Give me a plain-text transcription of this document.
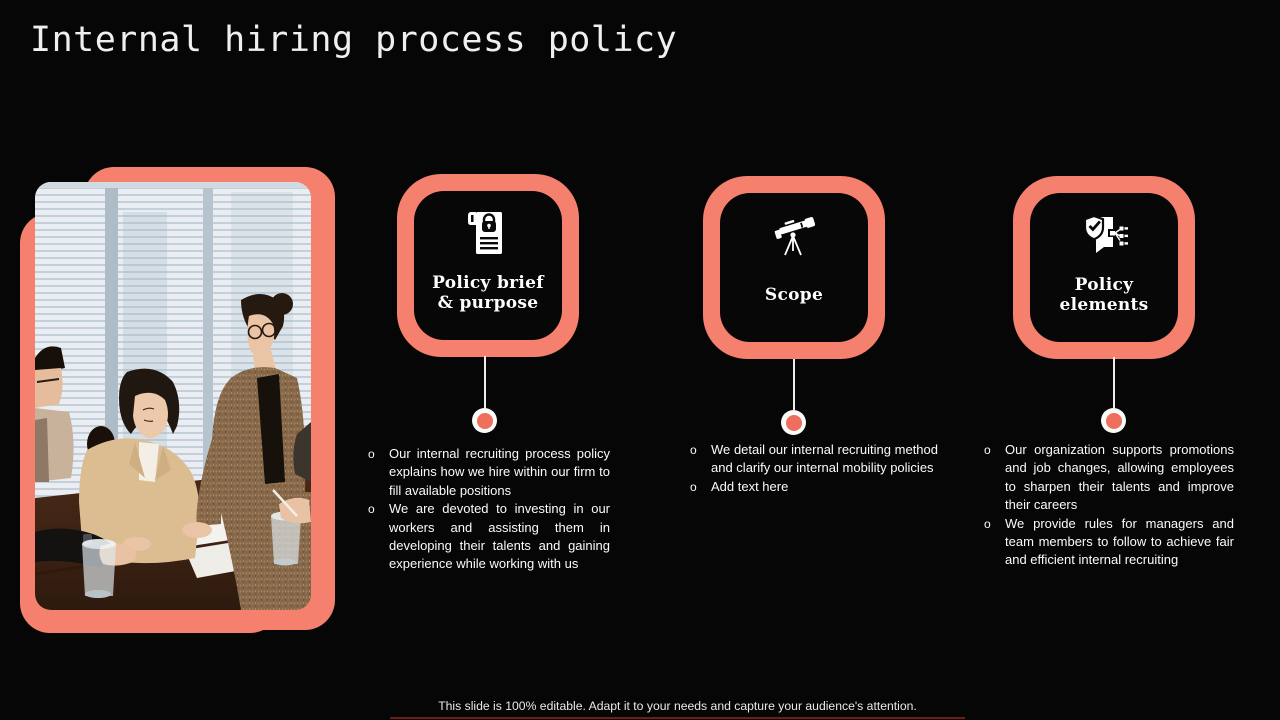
Internal hiring process policy
Policy brief
& purpose	Scope	Policy
elements
o	Our internal recruiting process policy explains how we hire within our firm to fill available positions
o	We are devoted to investing in our workers and assisting them in developing their talents and gaining experience while working with us
o	We detail our internal recruiting method and clarify our internal mobility policies
o	Add text here
o	Our organization supports promotions and job changes, allowing employees to sharpen their talents and improve their careers
o	We provide rules for managers and team members to follow to achieve fair and efficient internal recruiting
This slide is 100% editable. Adapt it to your needs and capture your audience's attention.
